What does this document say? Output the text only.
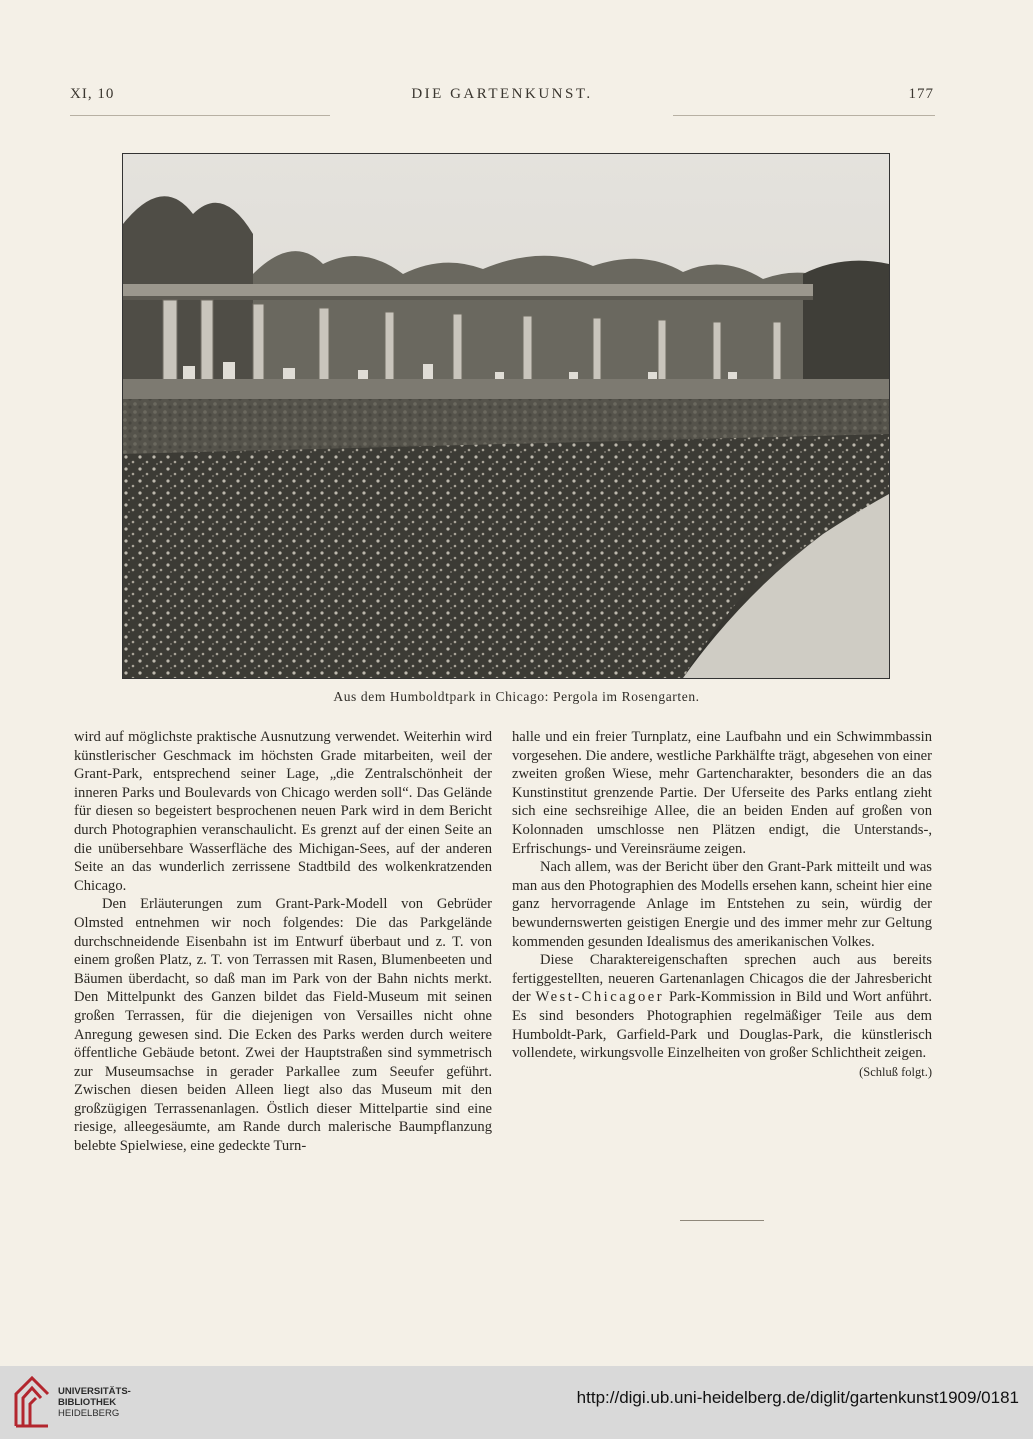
XI, 10	DIE GARTENKUNST.	177
Aus dem Humboldtpark in Chicago: Pergola im Rosengarten.

wird auf möglichste praktische Ausnutzung verwendet. Weiterhin wird künstlerischer Geschmack im höchsten Grade mitarbeiten, weil der Grant-Park, entsprechend seiner Lage, „die Zentralschönheit der inneren Parks und Boulevards von Chicago werden soll“. Das Gelände für diesen so begeistert besprochenen neuen Park wird in dem Bericht durch Photographien veranschaulicht. Es grenzt auf der einen Seite an die unübersehbare Wasserfläche des Michigan-Sees, auf der anderen Seite an das wunderlich zerrissene Stadtbild des wolkenkratzenden Chicago.

Den Erläuterungen zum Grant-Park-Modell von Gebrüder Olmsted entnehmen wir noch folgendes: Die das Parkgelände durchschneidende Eisenbahn ist im Entwurf überbaut und z. T. von einem großen Platz, z. T. von Terrassen mit Rasen, Blumenbeeten und Bäumen überdacht, so daß man im Park von der Bahn nichts merkt. Den Mittelpunkt des Ganzen bildet das Field-Museum mit seinen großen Terrassen, für die diejenigen von Versailles nicht ohne Anregung gewesen sind. Die Ecken des Parks werden durch weitere öffentliche Gebäude betont. Zwei der Hauptstraßen sind symmetrisch zur Museumsachse in gerader Parkallee zum Seeufer geführt. Zwischen diesen beiden Alleen liegt also das Museum mit den großzügigen Terrassenanlagen. Östlich dieser Mittelpartie sind eine riesige, alleegesäumte, am Rande durch malerische Baumpflanzung belebte Spielwiese, eine gedeckte Turn-

halle und ein freier Turnplatz, eine Laufbahn und ein Schwimmbassin vorgesehen. Die andere, westliche Parkhälfte trägt, abgesehen von einer zweiten großen Wiese, mehr Gartencharakter, besonders die an das Kunstinstitut grenzende Partie. Der Uferseite des Parks entlang zieht sich eine sechsreihige Allee, die an beiden Enden auf großen von Kolonnaden umschlosse nen Plätzen endigt, die Unterstands-, Erfrischungs- und Vereinsräume zeigen.

Nach allem, was der Bericht über den Grant-Park mitteilt und was man aus den Photographien des Modells ersehen kann, scheint hier eine ganz hervorragende Anlage im Entstehen zu sein, würdig der bewundernswerten geistigen Energie und des immer mehr zur Geltung kommenden gesunden Idealismus des amerikanischen Volkes.

Diese Charaktereigenschaften sprechen auch aus bereits fertiggestellten, neueren Gartenanlagen Chicagos die der Jahresbericht der West-Chicagoer Park-Kommission in Bild und Wort anführt. Es sind besonders Photographien regelmäßiger Teile aus dem Humboldt-Park, Garfield-Park und Douglas-Park, die künstlerisch vollendete, wirkungsvolle Einzelheiten von großer Schlichtheit zeigen.
(Schluß folgt.)

UNIVERSITÄTS-
BIBLIOTHEK
HEIDELBERG
http://digi.ub.uni-heidelberg.de/diglit/gartenkunst1909/0181
